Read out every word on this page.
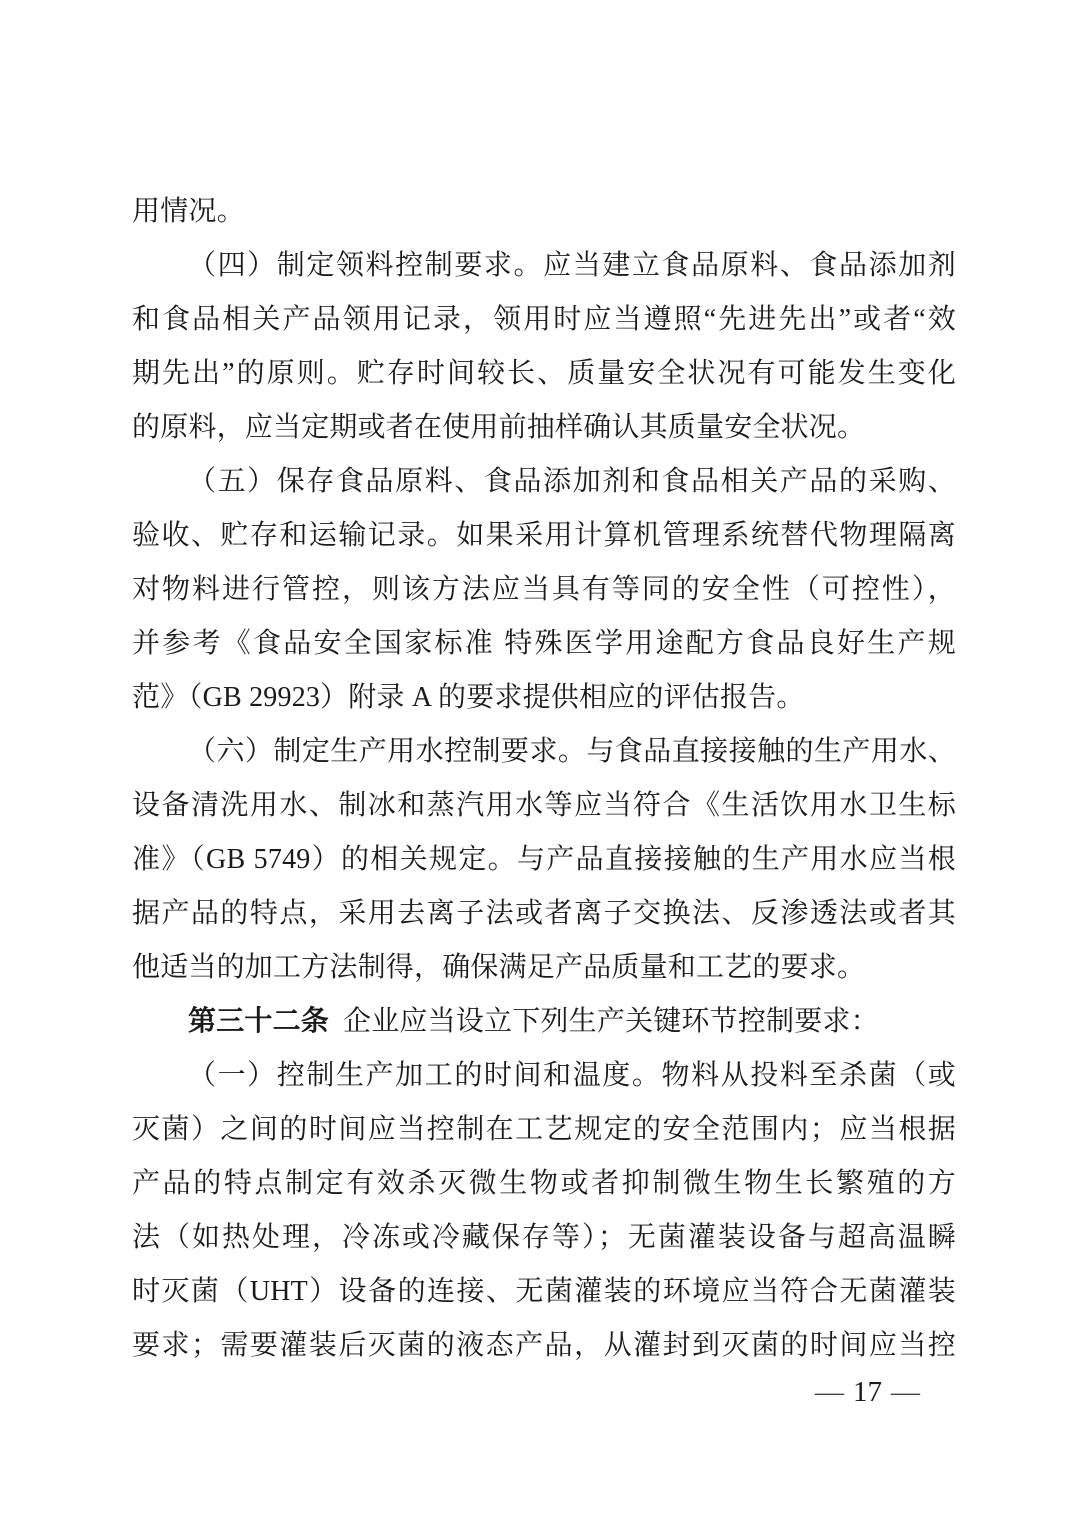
用情况。
（四）制定领料控制要求。应当建立食品原料、食品添加剂
和食品相关产品领用记录，领用时应当遵照“先进先出”或者“效
期先出”的原则。贮存时间较长、质量安全状况有可能发生变化
的原料，应当定期或者在使用前抽样确认其质量安全状况。
（五）保存食品原料、食品添加剂和食品相关产品的采购、
验收、贮存和运输记录。如果采用计算机管理系统替代物理隔离
对物料进行管控，则该方法应当具有等同的安全性（可控性），
并参考《食品安全国家标准 特殊医学用途配方食品良好生产规
范》（GB 29923）附录 A 的要求提供相应的评估报告。
（六）制定生产用水控制要求。与食品直接接触的生产用水、
设备清洗用水、制冰和蒸汽用水等应当符合《生活饮用水卫生标
准》（GB 5749）的相关规定。与产品直接接触的生产用水应当根
据产品的特点，采用去离子法或者离子交换法、反渗透法或者其
他适当的加工方法制得，确保满足产品质量和工艺的要求。
第三十二条 企业应当设立下列生产关键环节控制要求：
（一）控制生产加工的时间和温度。物料从投料至杀菌（或
灭菌）之间的时间应当控制在工艺规定的安全范围内；应当根据
产品的特点制定有效杀灭微生物或者抑制微生物生长繁殖的方
法（如热处理，冷冻或冷藏保存等）；无菌灌装设备与超高温瞬
时灭菌（UHT）设备的连接、无菌灌装的环境应当符合无菌灌装
要求；需要灌装后灭菌的液态产品，从灌封到灭菌的时间应当控
— 17 —
